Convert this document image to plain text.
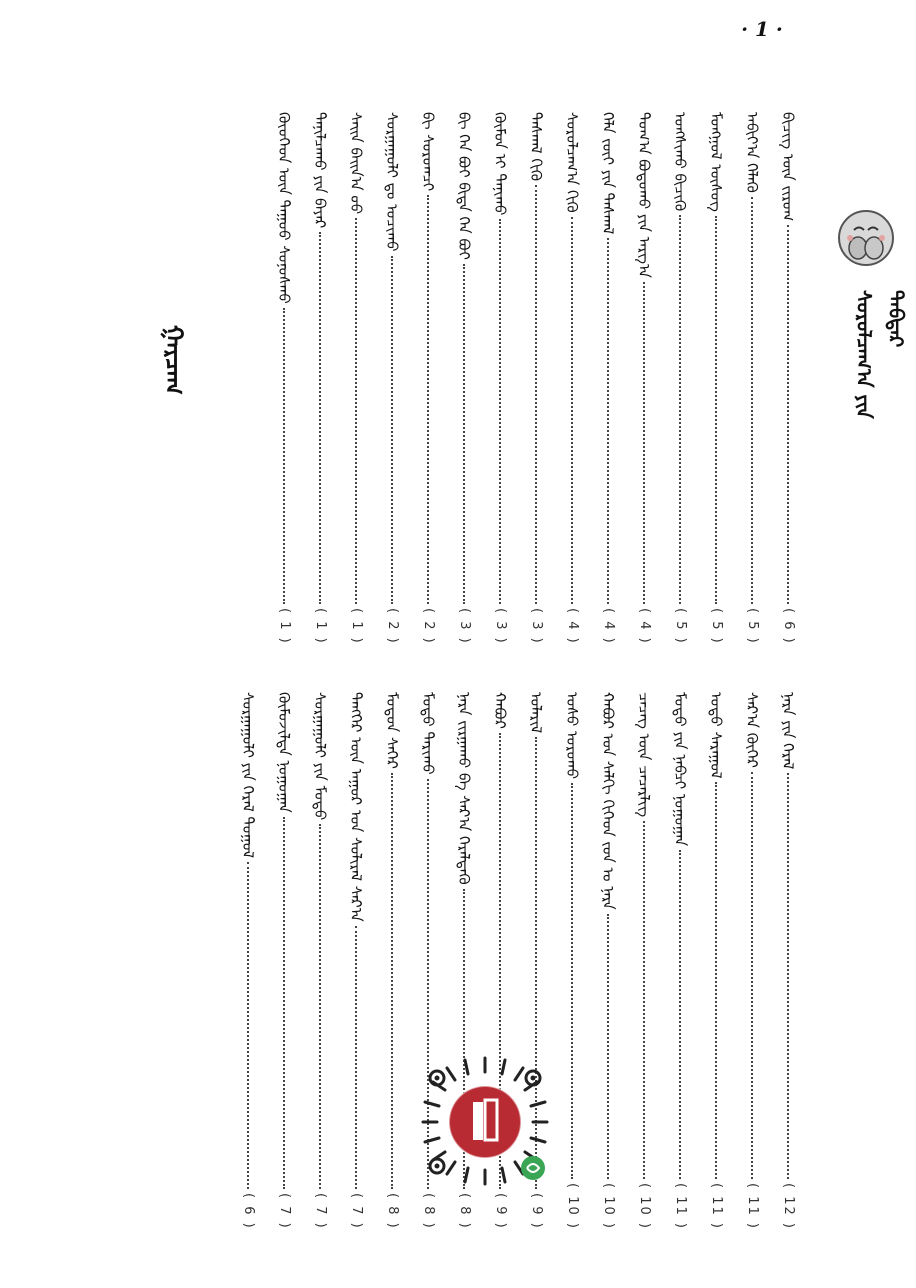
· 1 ·
ᠰᠤᠷᠤᠯᠴᠠᠭ᠎ᠠ ᠶᠢᠨ ᠳᠡᠪᠲᠡᠷ
ᠭᠠᠷᠴᠠᠭ
ᠪᠢᠴᠢᠭ ᠦᠨ ᠵᠢᠷᠤᠭ
( 6 )
ᠠᠪᠢᠶ᠎ᠠ ᠬᠡᠯᠡᠬᠦ
( 5 )
ᠮᠣᠩᠭᠣᠯ ᠦᠰᠦᠭ
( 5 )
ᠤᠩᠰᠢᠬᠤ ᠪᠢᠴᠢᠬᠦ
( 5 )
ᠲᠣᠭ᠎ᠠ ᠪᠣᠳᠣᠬᠤ ᠶᠢᠨ ᠠᠷᠭ᠎ᠠ
( 4 )
ᠬᠡᠯᠡ ᠵᠦᠢ ᠶᠢᠨ ᠳᠠᠰᠭᠠᠯ
( 4 )
ᠰᠤᠷᠤᠯᠴᠠᠭ᠎ᠠ ᠬᠢᠬᠦ
( 4 )
ᠳᠠᠰᠭᠠᠯ ᠬᠢᠬᠦ
( 3 )
ᠬᠦᠮᠦᠨ ᠢ ᠲᠠᠨᠢᠬᠤ
( 3 )
ᠪᠢ ᠬᠡᠨ ᠪᠤᠢ ᠪᠢᠳᠡ ᠬᠡᠨ ᠪᠤᠢ
( 3 )
ᠪᠢ ᠰᠤᠷᠤᠭᠴᠢ
( 2 )
ᠰᠤᠷᠭᠠᠭᠤᠯᠢ ᠳᠤ ᠣᠴᠢᠬᠤ
( 2 )
ᠰᠠᠢᠨ ᠪᠠᠢᠨ᠎ᠠ ᠤᠤ
( 1 )
ᠲᠠᠨᠢᠯᠴᠠᠬᠤ ᠶᠢᠨ ᠪᠠᠶᠠᠷ
( 1 )
ᠬᠦᠦᠬᠡᠳ ᠦᠨ ᠳᠠᠭᠤᠤ ᠰᠣᠨᠣᠰᠬᠤ
( 1 )
ᠨᠠᠷᠠ ᠶᠢᠨ ᠭᠡᠷᠡᠯ
( 12 )
ᠰᠠᠷ᠎ᠠ ᠬᠦᠭᠡᠷ
( 11 )
ᠣᠳᠣ ᠰᠠᠷᠠᠭᠤᠯ
( 11 )
ᠮᠣᠳᠣ ᠶᠢᠨ ᠨᠠᠪᠴᠢ ᠨᠣᠭᠣᠭᠠᠨ
( 11 )
ᠴᠡᠴᠡᠭ ᠦᠨ ᠴᠡᠴᠡᠷᠯᠢᠭ
( 10 )
ᠬᠠᠪᠤᠷ ᠤᠨ ᠰᠠᠯᠬᠢ ᠬᠢᠭᠡᠳ ᠵᠣᠨ ᠤ ᠨᠠᠷᠠ
( 10 )
ᠤᠰᠤ ᠣᠷᠣᠬᠤ
( 10 )
ᠤᠯᠠᠷᠢᠯ
( 9 )
ᠬᠠᠪᠤᠷ
( 9 )
ᠨᠠᠷᠠ ᠵᠢᠷᠭᠠᠬᠤ ᠪᠠ ᠰᠠᠷ᠎ᠠ ᠭᠡᠷᠡᠯᠲᠡᠬᠦ
( 8 )
ᠮᠣᠳᠣ ᠲᠠᠷᠢᠬᠤ
( 8 )
ᠮᠣᠳᠣᠨ ᠰᠡᠭᠡᠷ
( 8 )
ᠲᠡᠩᠭᠡᠷ ᠦᠨ ᠠᠭᠤᠷ ᠤᠨ ᠰᠣᠯᠢᠷᠠᠯ ᠰᠠᠷ᠎ᠠ
( 7 )
ᠰᠤᠷᠭᠠᠭᠤᠯᠢ ᠶᠢᠨ ᠮᠣᠳᠣ
( 7 )
ᠬᠦᠮᠦᠵᠢᠯᠲᠡ ᠨᠣᠭᠣᠭᠠᠨ
( 7 )
ᠰᠤᠷᠭᠠᠭᠤᠯᠢ ᠶᠢᠨ ᠭᠡᠷᠡᠯ ᠲᠤᠭᠤᠯ
( 6 )
